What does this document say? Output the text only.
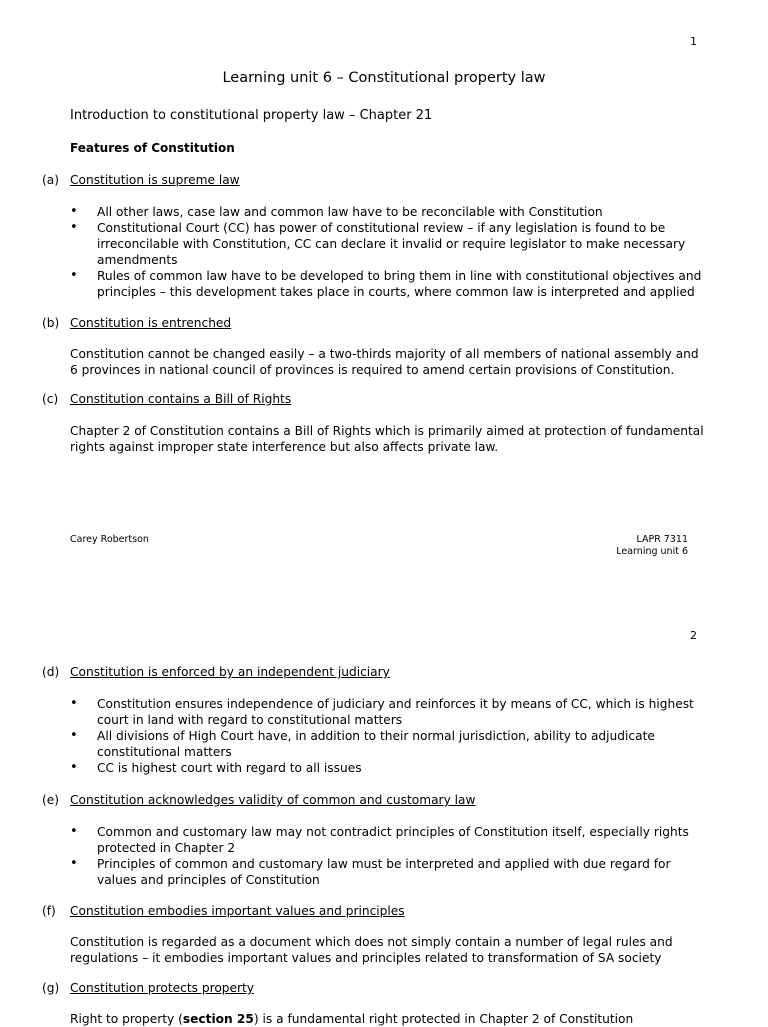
1
Learning unit 6 – Constitutional property law
Introduction to constitutional property law – Chapter 21
Features of Constitution
(a) Constitution is supreme law
• All other laws, case law and common law have to be reconcilable with Constitution
• Constitutional Court (CC) has power of constitutional review – if any legislation is found to be irreconcilable with Constitution, CC can declare it invalid or require legislator to make necessary amendments
• Rules of common law have to be developed to bring them in line with constitutional objectives and principles – this development takes place in courts, where common law is interpreted and applied
(b) Constitution is entrenched
Constitution cannot be changed easily – a two-thirds majority of all members of national assembly and 6 provinces in national council of provinces is required to amend certain provisions of Constitution.
(c) Constitution contains a Bill of Rights
Chapter 2 of Constitution contains a Bill of Rights which is primarily aimed at protection of fundamental rights against improper state interference but also affects private law.
Carey Robertson	LAPR 7311
Learning unit 6
2
(d) Constitution is enforced by an independent judiciary
• Constitution ensures independence of judiciary and reinforces it by means of CC, which is highest court in land with regard to constitutional matters
• All divisions of High Court have, in addition to their normal jurisdiction, ability to adjudicate constitutional matters
• CC is highest court with regard to all issues
(e) Constitution acknowledges validity of common and customary law
• Common and customary law may not contradict principles of Constitution itself, especially rights protected in Chapter 2
• Principles of common and customary law must be interpreted and applied with due regard for values and principles of Constitution
(f) Constitution embodies important values and principles
Constitution is regarded as a document which does not simply contain a number of legal rules and regulations – it embodies important values and principles related to transformation of SA society
(g) Constitution protects property
Right to property (section 25) is a fundamental right protected in Chapter 2 of Constitution
